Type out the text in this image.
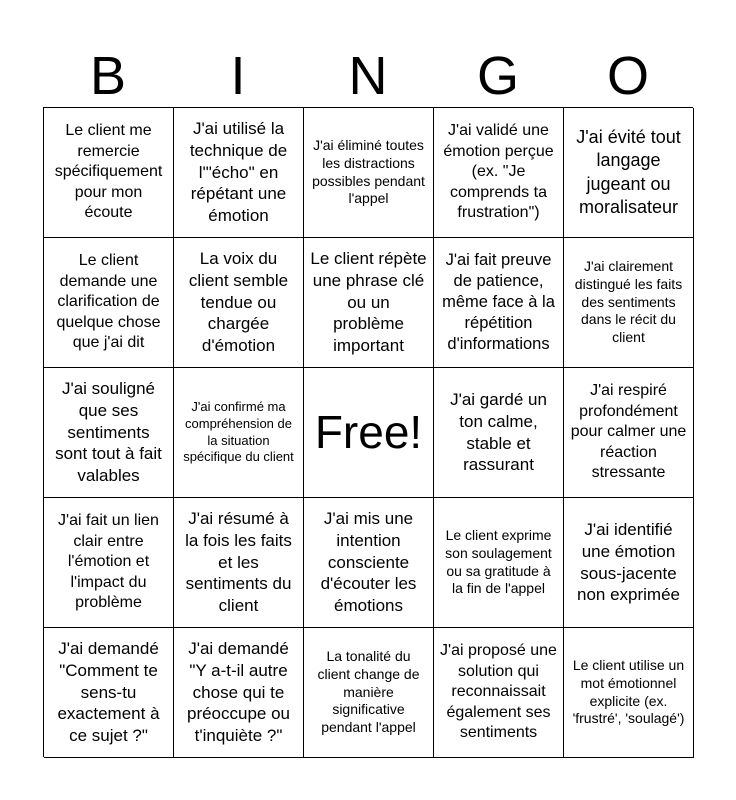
B	I	N	G	O
Le client me remercie spécifiquement pour mon écoute
J'ai utilisé la technique de l'"écho" en répétant une émotion
J'ai éliminé toutes les distractions possibles pendant l'appel
J'ai validé une émotion perçue (ex. "Je comprends ta frustration")
J'ai évité tout langage jugeant ou moralisateur
Le client demande une clarification de quelque chose que j'ai dit
La voix du client semble tendue ou chargée d'émotion
Le client répète une phrase clé ou un problème important
J'ai fait preuve de patience, même face à la répétition d'informations
J'ai clairement distingué les faits des sentiments dans le récit du client
J'ai souligné que ses sentiments sont tout à fait valables
J'ai confirmé ma compréhension de la situation spécifique du client Free!
J'ai gardé un ton calme, stable et rassurant
J'ai respiré profondément pour calmer une réaction stressante
J'ai fait un lien clair entre l'émotion et l'impact du problème
J'ai résumé à la fois les faits et les sentiments du client
J'ai mis une intention consciente d'écouter les émotions
Le client exprime son soulagement ou sa gratitude à la fin de l'appel
J'ai identifié une émotion sous-jacente non exprimée
J'ai demandé "Comment te sens-tu exactement à ce sujet ?"
J'ai demandé "Y a-t-il autre chose qui te préoccupe ou t'inquiète ?"
La tonalité du client change de manière significative pendant l'appel
J'ai proposé une solution qui reconnaissait également ses sentiments
Le client utilise un mot émotionnel explicite (ex. 'frustré', 'soulagé')
